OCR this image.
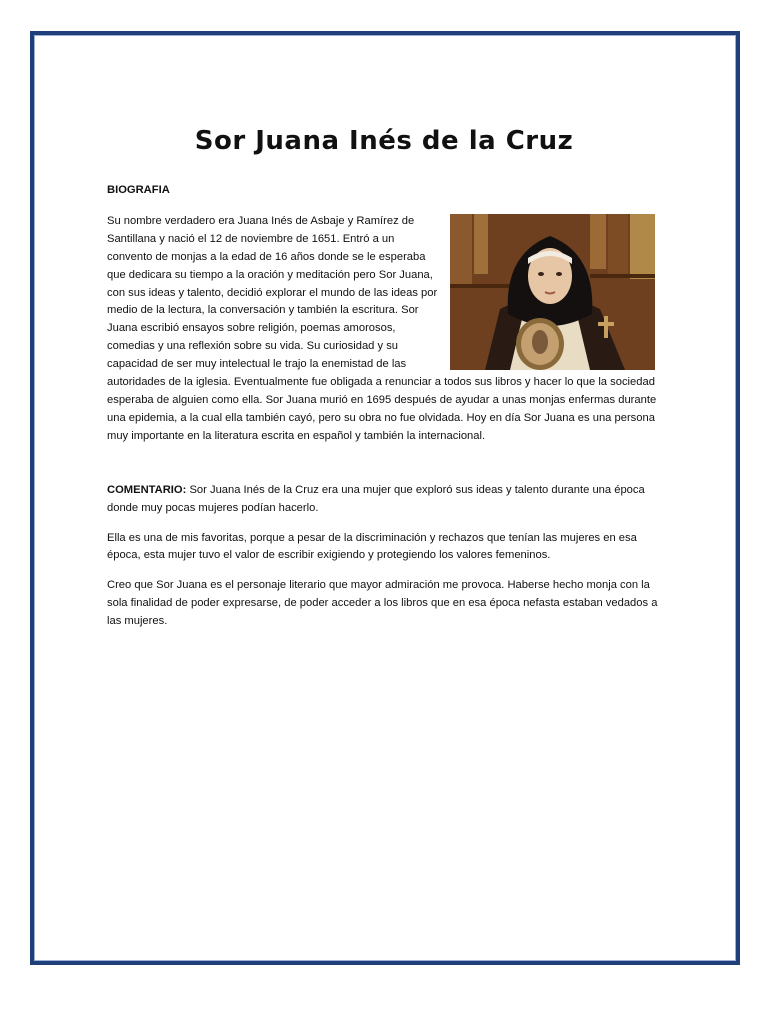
Sor Juana Inés de la Cruz

BIOGRAFIA

Su nombre verdadero era Juana Inés de Asbaje y Ramírez de Santillana y nació el 12 de noviembre de 1651. Entró a un convento de monjas a la edad de 16 años donde se le esperaba que dedicara su tiempo a la oración y meditación pero Sor Juana, con sus ideas y talento, decidió explorar el mundo de las ideas por medio de la lectura, la conversación y también la escritura. Sor Juana escribió ensayos sobre religión, poemas amorosos, comedias y una reflexión sobre su vida. Su curiosidad y su capacidad de ser muy intelectual le trajo la enemistad de las autoridades de la iglesia. Eventualmente fue obligada a renunciar a todos sus libros y hacer lo que la sociedad esperaba de alguien como ella. Sor Juana murió en 1695 después de ayudar a unas monjas enfermas durante una epidemia, a la cual ella también cayó, pero su obra no fue olvidada. Hoy en día Sor Juana es una persona muy importante en la literatura escrita en español y también la internacional.

COMENTARIO: Sor Juana Inés de la Cruz era una mujer que exploró sus ideas y talento durante una época donde muy pocas mujeres podían hacerlo.

Ella es una de mis favoritas, porque a pesar de la discriminación y rechazos que tenían las mujeres en esa época, esta mujer tuvo el valor de escribir exigiendo y protegiendo los valores femeninos.

Creo que Sor Juana es el personaje literario que mayor admiración me provoca. Haberse hecho monja con la sola finalidad de poder expresarse, de poder acceder a los libros que en esa época nefasta estaban vedados a las mujeres.
